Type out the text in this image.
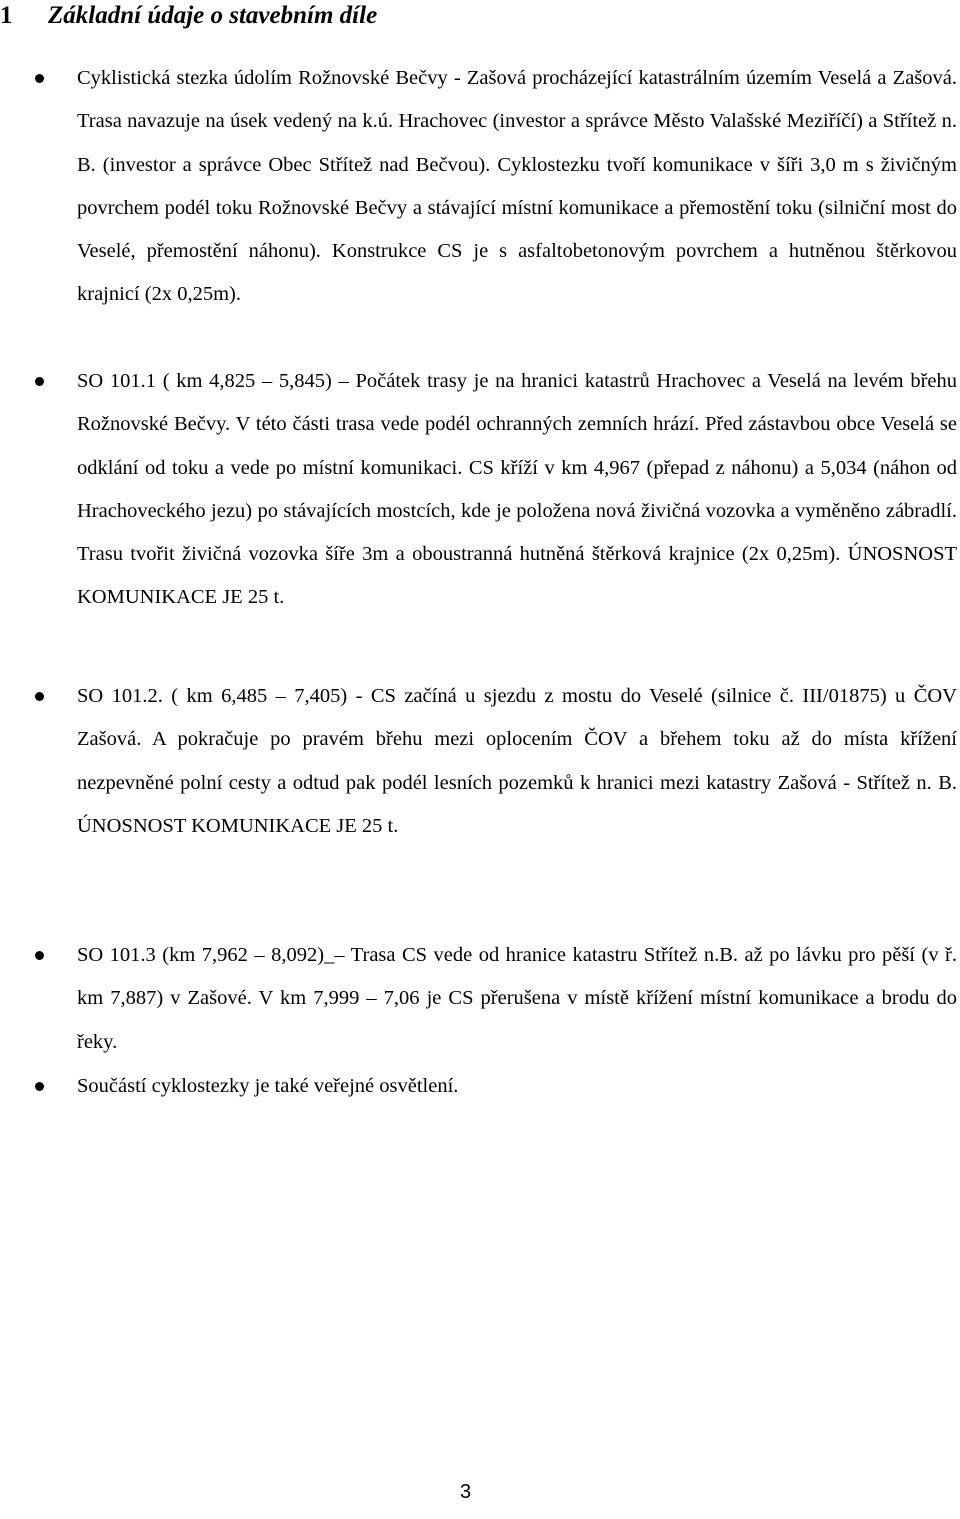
1 Základní údaje o stavebním díle
Cyklistická stezka údolím Rožnovské Bečvy - Zašová procházející katastrálním územím Veselá a Zašová. Trasa navazuje na úsek vedený na k.ú. Hrachovec (investor a správce Město Valašské Meziříčí) a Střítež n. B. (investor a správce Obec Střítež nad Bečvou). Cyklostezku tvoří komunikace v šíři 3,0 m s živičným povrchem podél toku Rožnovské Bečvy a stávající místní komunikace a přemostění toku (silniční most do Veselé, přemostění náhonu). Konstrukce CS je s asfaltobetonovým povrchem a hutněnou štěrkovou krajnicí (2x 0,25m).
SO 101.1 ( km 4,825 – 5,845) – Počátek trasy je na hranici katastrů Hrachovec a Veselá na levém břehu Rožnovské Bečvy. V této části trasa vede podél ochranných zemních hrází. Před zástavbou obce Veselá se odklání od toku a vede po místní komunikaci. CS kříží v km 4,967 (přepad z náhonu) a 5,034 (náhon od Hrachoveckého jezu) po stávajících mostcích, kde je položena nová živičná vozovka a vyměněno zábradlí. Trasu tvořit živičná vozovka šíře 3m a oboustranná hutněná štěrková krajnice (2x 0,25m). ÚNOSNOST KOMUNIKACE JE 25 t.
SO 101.2. ( km 6,485 – 7,405) - CS začíná u sjezdu z mostu do Veselé (silnice č. III/01875) u ČOV Zašová. A pokračuje po pravém břehu mezi oplocením ČOV a břehem toku až do místa křížení nezpevněné polní cesty a odtud pak podél lesních pozemků k hranici mezi katastry Zašová - Střítež n. B. ÚNOSNOST KOMUNIKACE JE 25 t.
SO 101.3 (km 7,962 – 8,092)_– Trasa CS vede od hranice katastru Střítež n.B. až po lávku pro pěší (v ř. km 7,887) v Zašové. V km 7,999 – 7,06 je CS přerušena v místě křížení místní komunikace a brodu do řeky.
Součástí cyklostezky je také veřejné osvětlení.
3
